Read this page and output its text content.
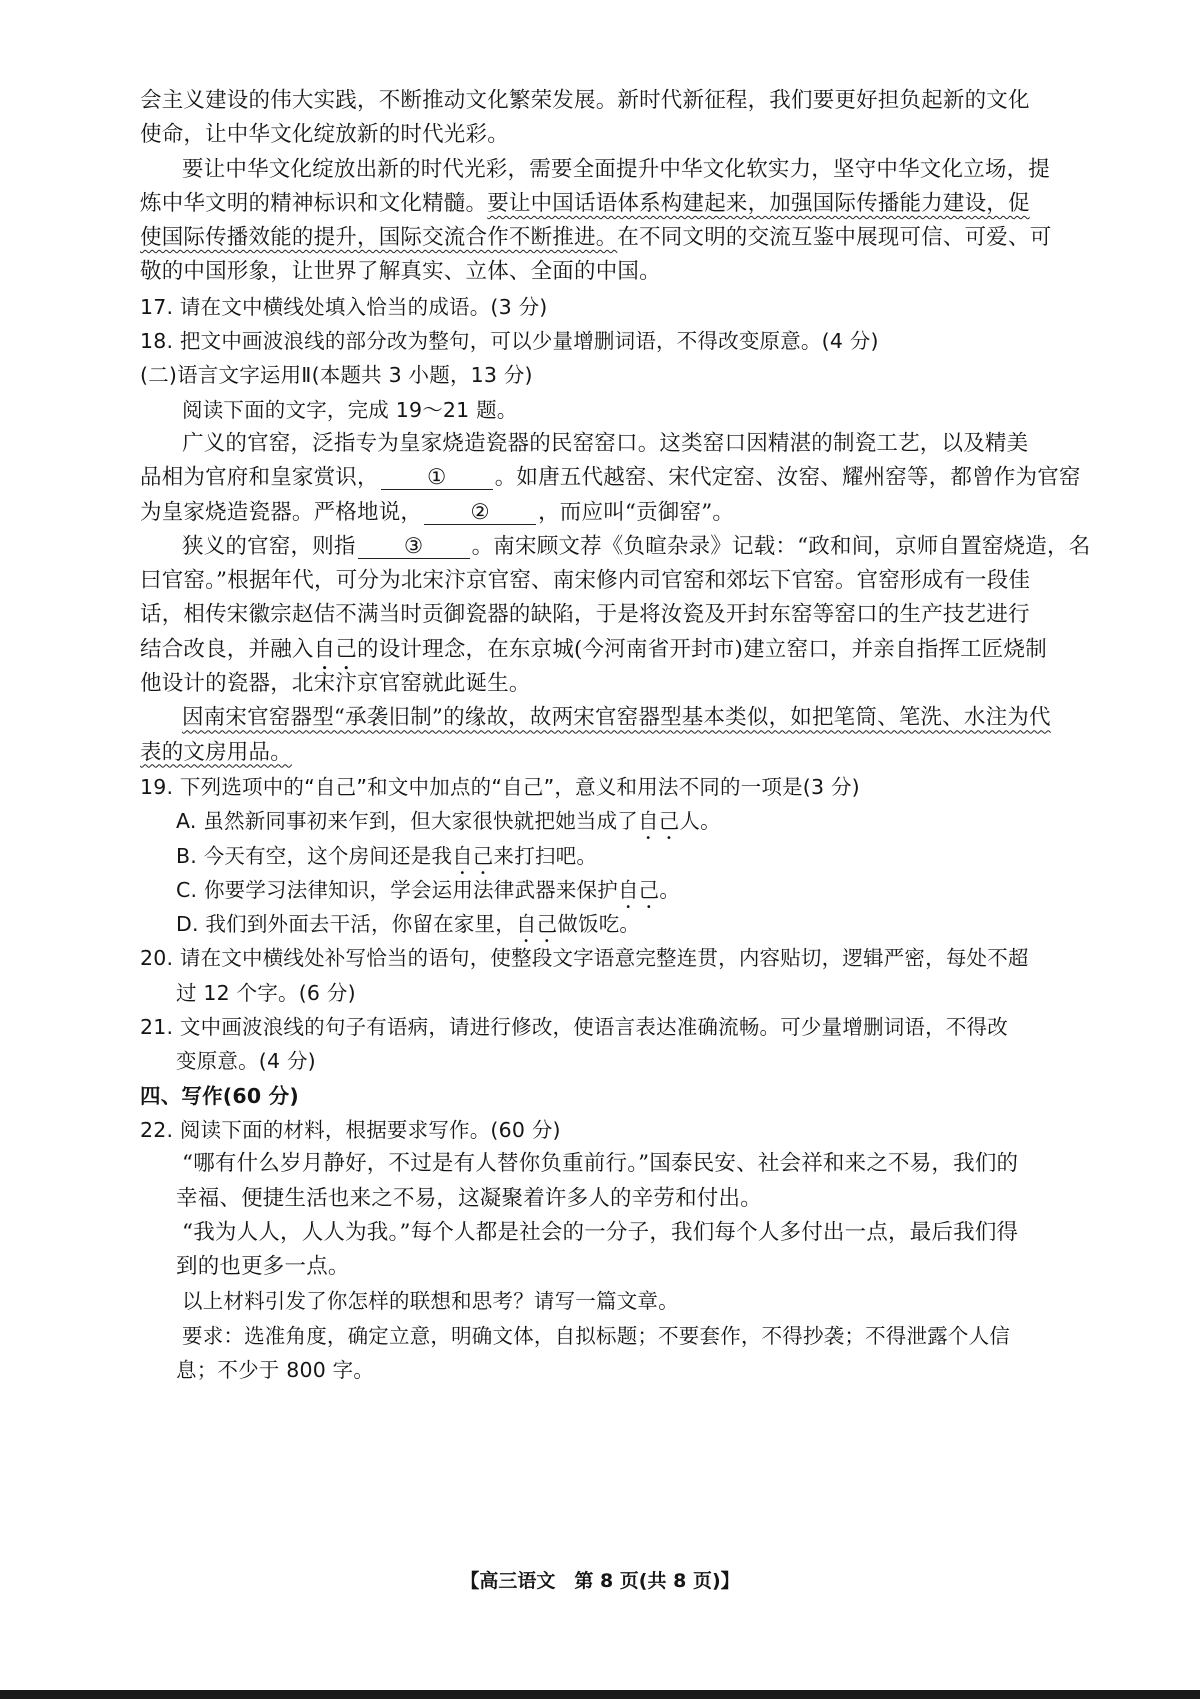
会主义建设的伟大实践，不断推动文化繁荣发展。新时代新征程，我们要更好担负起新的文化
使命，让中华文化绽放新的时代光彩。
要让中华文化绽放出新的时代光彩，需要全面提升中华文化软实力，坚守中华文化立场，提
炼中华文明的精神标识和文化精髓。要让中国话语体系构建起来，加强国际传播能力建设，促
使国际传播效能的提升，国际交流合作不断推进。在不同文明的交流互鉴中展现可信、可爱、可
敬的中国形象，让世界了解真实、立体、全面的中国。
17. 请在文中横线处填入恰当的成语。(3 分)
18. 把文中画波浪线的部分改为整句，可以少量增删词语，不得改变原意。(4 分)
(二)语言文字运用Ⅱ(本题共 3 小题，13 分)
阅读下面的文字，完成 19～21 题。
广义的官窑，泛指专为皇家烧造瓷器的民窑窑口。这类窑口因精湛的制瓷工艺，以及精美
品相为官府和皇家赏识， ① 。如唐五代越窑、宋代定窑、汝窑、耀州窑等，都曾作为官窑
为皇家烧造瓷器。严格地说， ② ，而应叫“贡御窑”。
狭义的官窑，则指 ③ 。南宋顾文荐《负暄杂录》记载：“政和间，京师自置窑烧造，名
曰官窑。”根据年代，可分为北宋汴京官窑、南宋修内司官窑和郊坛下官窑。官窑形成有一段佳
话，相传宋徽宗赵佶不满当时贡御瓷器的缺陷，于是将汝瓷及开封东窑等窑口的生产技艺进行
结合改良，并融入自己的设计理念，在东京城(今河南省开封市)建立窑口，并亲自指挥工匠烧制
他设计的瓷器，北宋汴京官窑就此诞生。
因南宋官窑器型“承袭旧制”的缘故，故两宋官窑器型基本类似，如把笔筒、笔洗、水注为代
表的文房用品。
19. 下列选项中的“自己”和文中加点的“自己”，意义和用法不同的一项是(3 分)
A. 虽然新同事初来乍到，但大家很快就把她当成了自己人。
B. 今天有空，这个房间还是我自己来打扫吧。
C. 你要学习法律知识，学会运用法律武器来保护自己。
D. 我们到外面去干活，你留在家里，自己做饭吃。
20. 请在文中横线处补写恰当的语句，使整段文字语意完整连贯，内容贴切，逻辑严密，每处不超
过 12 个字。(6 分)
21. 文中画波浪线的句子有语病，请进行修改，使语言表达准确流畅。可少量增删词语，不得改
变原意。(4 分)
四、写作(60 分)
22. 阅读下面的材料，根据要求写作。(60 分)
“哪有什么岁月静好，不过是有人替你负重前行。”国泰民安、社会祥和来之不易，我们的
幸福、便捷生活也来之不易，这凝聚着许多人的辛劳和付出。
“我为人人，人人为我。”每个人都是社会的一分子，我们每个人多付出一点，最后我们得
到的也更多一点。
以上材料引发了你怎样的联想和思考？请写一篇文章。
要求：选准角度，确定立意，明确文体，自拟标题；不要套作，不得抄袭；不得泄露个人信
息；不少于 800 字。
【高三语文　第 8 页(共 8 页)】
